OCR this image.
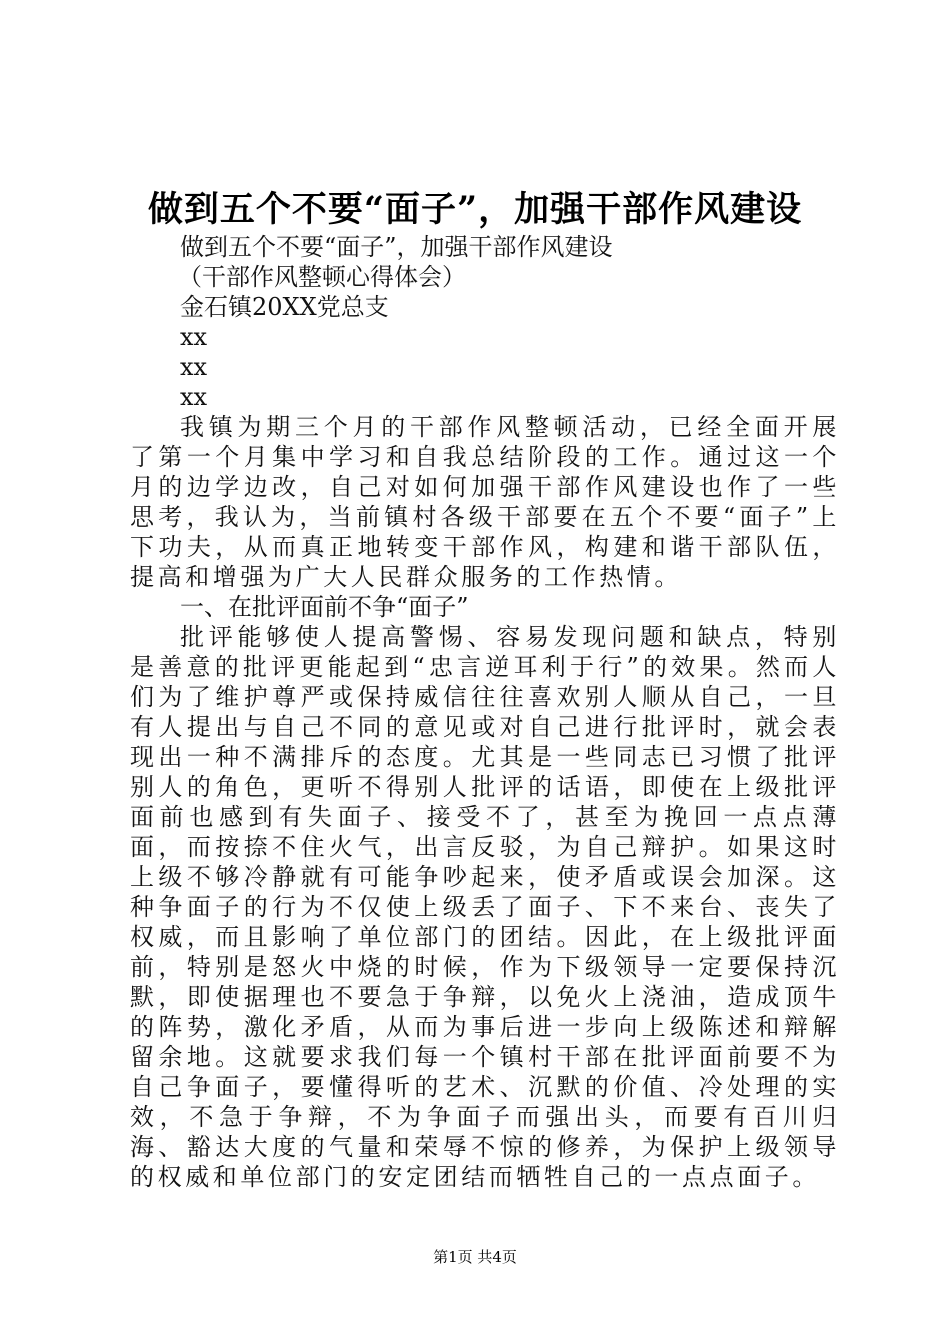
做到五个不要“面子”，加强干部作风建设
做到五个不要“面子”，加强干部作风建设
（干部作风整顿心得体会）
金石镇20XX党总支
xx
xx
xx
我镇为期三个月的干部作风整顿活动，已经全面开展了第一个月集中学习和自我总结阶段的工作。通过这一个月的边学边改，自己对如何加强干部作风建设也作了一些思考，我认为，当前镇村各级干部要在五个不要“面子”上下功夫，从而真正地转变干部作风，构建和谐干部队伍，提高和增强为广大人民群众服务的工作热情。
一、在批评面前不争“面子”
批评能够使人提高警惕、容易发现问题和缺点，特别是善意的批评更能起到“忠言逆耳利于行”的效果。然而人们为了维护尊严或保持威信往往喜欢别人顺从自己，一旦有人提出与自己不同的意见或对自己进行批评时，就会表现出一种不满排斥的态度。尤其是一些同志已习惯了批评别人的角色，更听不得别人批评的话语，即使在上级批评面前也感到有失面子、接受不了，甚至为挽回一点点薄面，而按捺不住火气，出言反驳，为自己辩护。如果这时上级不够冷静就有可能争吵起来，使矛盾或误会加深。这种争面子的行为不仅使上级丢了面子、下不来台、丧失了权威，而且影响了单位部门的团结。因此，在上级批评面前，特别是怒火中烧的时候，作为下级领导一定要保持沉默，即使据理也不要急于争辩，以免火上浇油，造成顶牛的阵势，激化矛盾，从而为事后进一步向上级陈述和辩解留余地。这就要求我们每一个镇村干部在批评面前要不为自己争面子，要懂得听的艺术、沉默的价值、冷处理的实效，不急于争辩，不为争面子而强出头，而要有百川归海、豁达大度的气量和荣辱不惊的修养，为保护上级领导的权威和单位部门的安定团结而牺牲自己的一点点面子。
第1页 共4页
